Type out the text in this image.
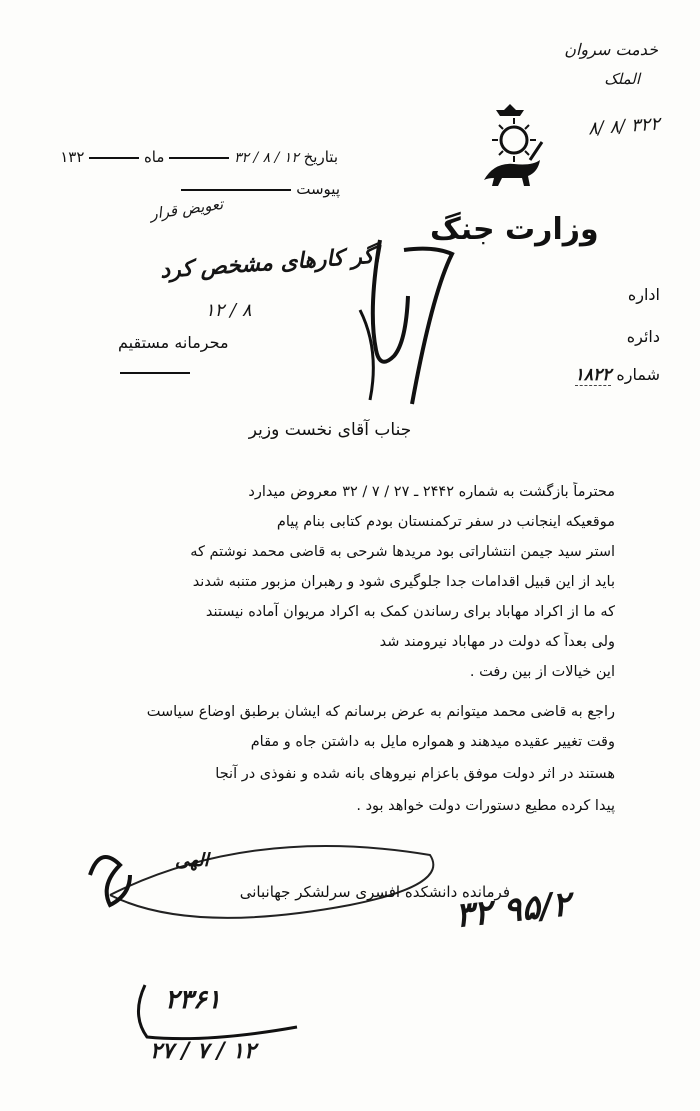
خدمت سروان
الملک
۸/ ۸/ ۳۲۲
بتاریخ ۱۲ / ۸ / ۳۲  ماه  ۱۳۲
پیوست
وزارت جنگ
تعویض قرار
اگر کارهای مشخص کرد
۱۲ / ۸
محرمانه مستقیم
اداره
دائره
شماره ۱۸۲۲
جناب آقای نخست وزیر
محترماً بازگشت به شماره ۲۴۴۲ ـ ۲۷ / ۷ / ۳۲ معروض میدارد
موقعیکه اینجانب در سفر ترکمنستان بودم کتابی بنام پیام
استر سید جیمن انتشاراتی بود مریدها شرحی به قاضی محمد نوشتم که
باید از این قبیل اقدامات جدا جلوگیری شود و رهبران مزبور متنبه شدند
که ما از اکراد مهاباد برای رساندن کمک به اکراد مریوان آماده نیستند
ولی بعداً که دولت در مهاباد نیرومند شد
این خیالات از بین رفت .
راجع به قاضی محمد میتوانم به عرض برسانم که ایشان برطبق اوضاع سیاست
وقت تغییر عقیده میدهند و همواره مایل به داشتن جاه و مقام
هستند در اثر دولت موفق باعزام نیروهای بانه شده و نفوذی در آنجا
پیدا کرده مطیع دستورات دولت خواهد بود .
الهی
فرمانده دانشکده افسری سرلشکر جهانبانی
۳۲ ۹۵/۲
۲۳۶۱
۲۷ / ۷ / ۱۲
